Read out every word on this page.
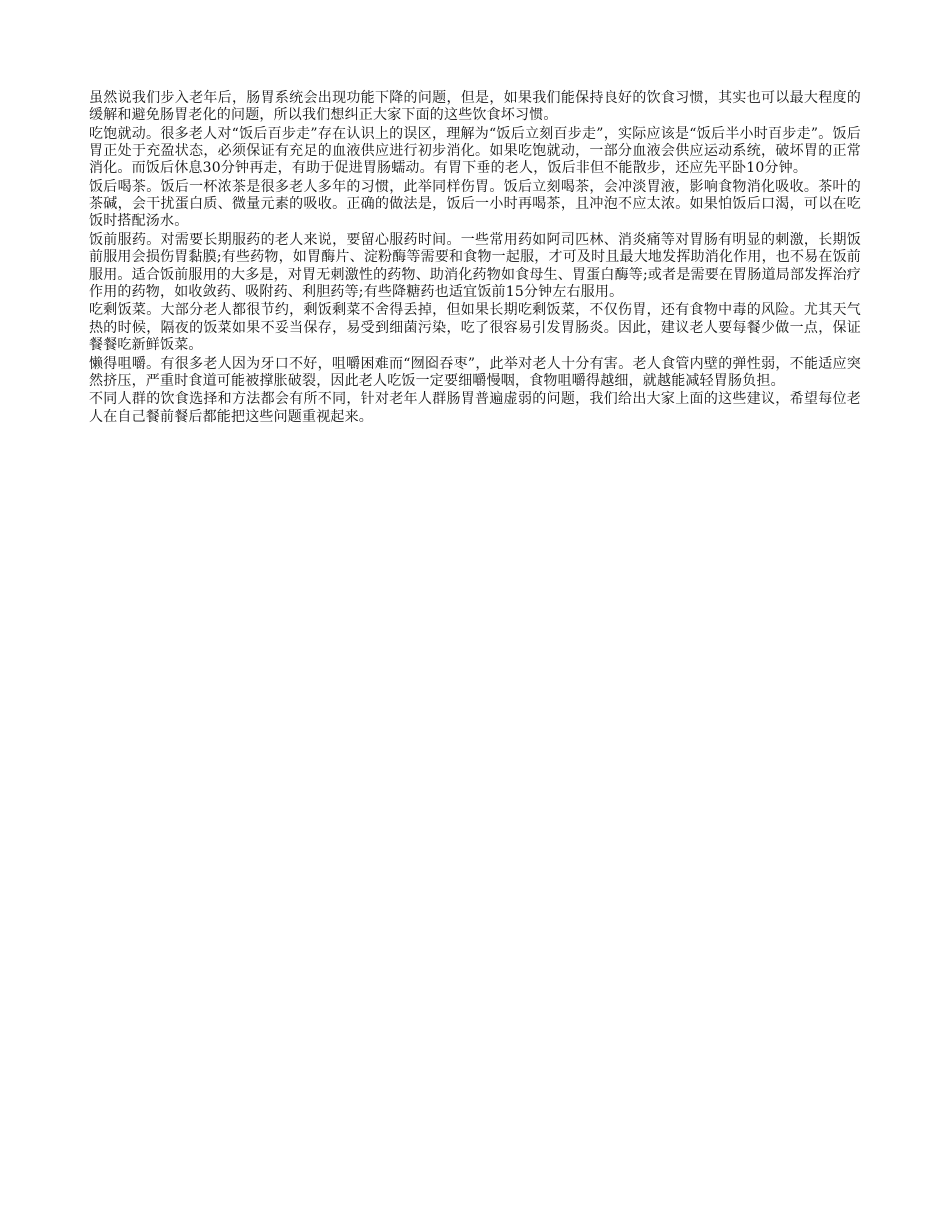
虽然说我们步入老年后，肠胃系统会出现功能下降的问题，但是，如果我们能保持良好的饮食习惯，其实也可以最大程度的缓解和避免肠胃老化的问题，所以我们想纠正大家下面的这些饮食坏习惯。

吃饱就动。很多老人对“饭后百步走”存在认识上的误区，理解为“饭后立刻百步走”，实际应该是“饭后半小时百步走”。饭后胃正处于充盈状态，必须保证有充足的血液供应进行初步消化。如果吃饱就动，一部分血液会供应运动系统，破坏胃的正常消化。而饭后休息30分钟再走，有助于促进胃肠蠕动。有胃下垂的老人，饭后非但不能散步，还应先平卧10分钟。

饭后喝茶。饭后一杯浓茶是很多老人多年的习惯，此举同样伤胃。饭后立刻喝茶，会冲淡胃液，影响食物消化吸收。茶叶的茶碱，会干扰蛋白质、微量元素的吸收。正确的做法是，饭后一小时再喝茶，且冲泡不应太浓。如果怕饭后口渴，可以在吃饭时搭配汤水。

饭前服药。对需要长期服药的老人来说，要留心服药时间。一些常用药如阿司匹林、消炎痛等对胃肠有明显的刺激，长期饭前服用会损伤胃黏膜;有些药物，如胃酶片、淀粉酶等需要和食物一起服，才可及时且最大地发挥助消化作用，也不易在饭前服用。适合饭前服用的大多是，对胃无刺激性的药物、助消化药物如食母生、胃蛋白酶等;或者是需要在胃肠道局部发挥治疗作用的药物，如收敛药、吸附药、利胆药等;有些降糖药也适宜饭前15分钟左右服用。

吃剩饭菜。大部分老人都很节约，剩饭剩菜不舍得丢掉，但如果长期吃剩饭菜，不仅伤胃，还有食物中毒的风险。尤其天气热的时候，隔夜的饭菜如果不妥当保存，易受到细菌污染，吃了很容易引发胃肠炎。因此，建议老人要每餐少做一点，保证餐餐吃新鲜饭菜。

懒得咀嚼。有很多老人因为牙口不好，咀嚼困难而“囫囵吞枣”，此举对老人十分有害。老人食管内壁的弹性弱，不能适应突然挤压，严重时食道可能被撑胀破裂，因此老人吃饭一定要细嚼慢咽，食物咀嚼得越细，就越能减轻胃肠负担。

不同人群的饮食选择和方法都会有所不同，针对老年人群肠胃普遍虚弱的问题，我们给出大家上面的这些建议，希望每位老人在自己餐前餐后都能把这些问题重视起来。
